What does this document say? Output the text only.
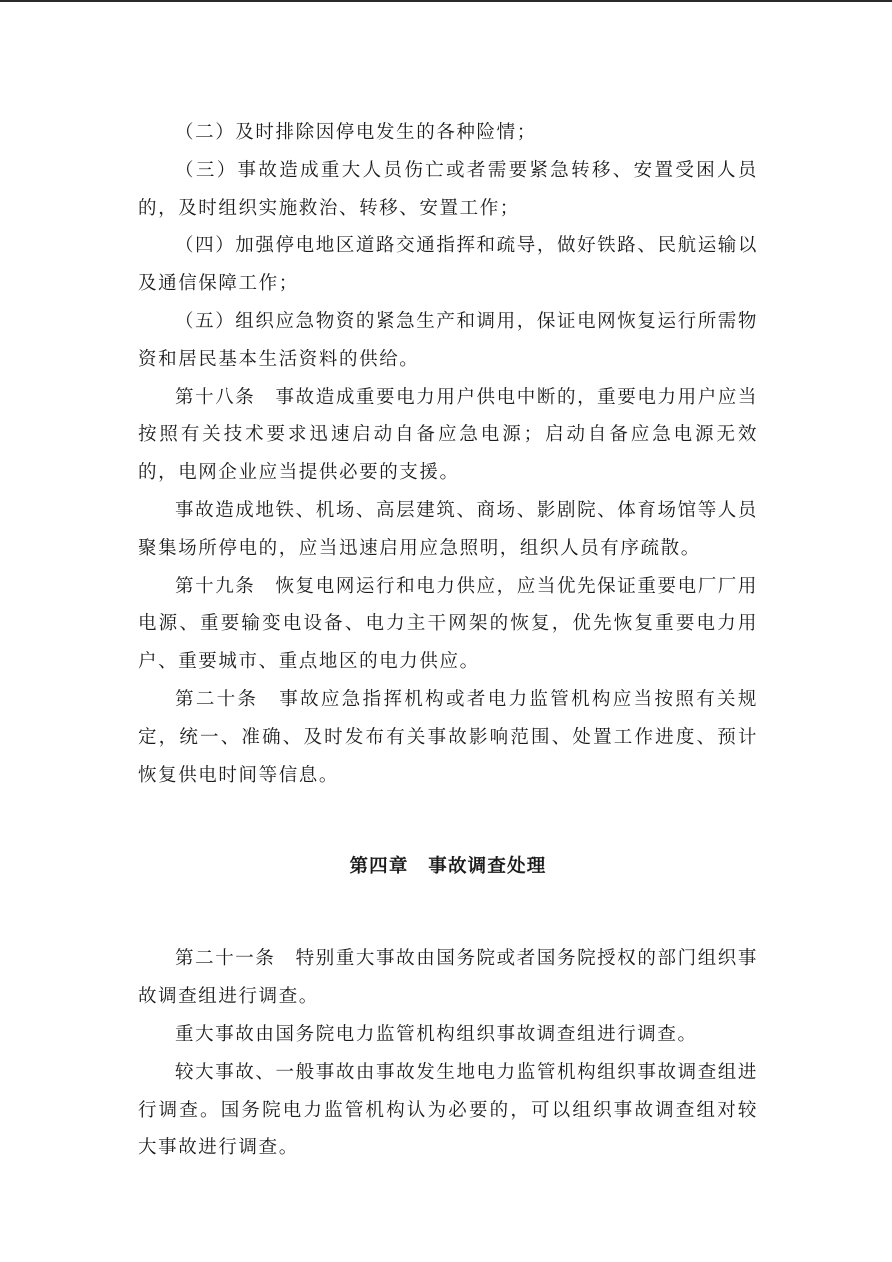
（二）及时排除因停电发生的各种险情；

（三）事故造成重大人员伤亡或者需要紧急转移、安置受困人员的，及时组织实施救治、转移、安置工作；

（四）加强停电地区道路交通指挥和疏导，做好铁路、民航运输以及通信保障工作；

（五）组织应急物资的紧急生产和调用，保证电网恢复运行所需物资和居民基本生活资料的供给。

第十八条　事故造成重要电力用户供电中断的，重要电力用户应当按照有关技术要求迅速启动自备应急电源；启动自备应急电源无效的，电网企业应当提供必要的支援。

事故造成地铁、机场、高层建筑、商场、影剧院、体育场馆等人员聚集场所停电的，应当迅速启用应急照明，组织人员有序疏散。

第十九条　恢复电网运行和电力供应，应当优先保证重要电厂厂用电源、重要输变电设备、电力主干网架的恢复，优先恢复重要电力用户、重要城市、重点地区的电力供应。

第二十条　事故应急指挥机构或者电力监管机构应当按照有关规定，统一、准确、及时发布有关事故影响范围、处置工作进度、预计恢复供电时间等信息。

第四章　事故调查处理

第二十一条　特别重大事故由国务院或者国务院授权的部门组织事故调查组进行调查。

重大事故由国务院电力监管机构组织事故调查组进行调查。

较大事故、一般事故由事故发生地电力监管机构组织事故调查组进行调查。国务院电力监管机构认为必要的，可以组织事故调查组对较大事故进行调查。
